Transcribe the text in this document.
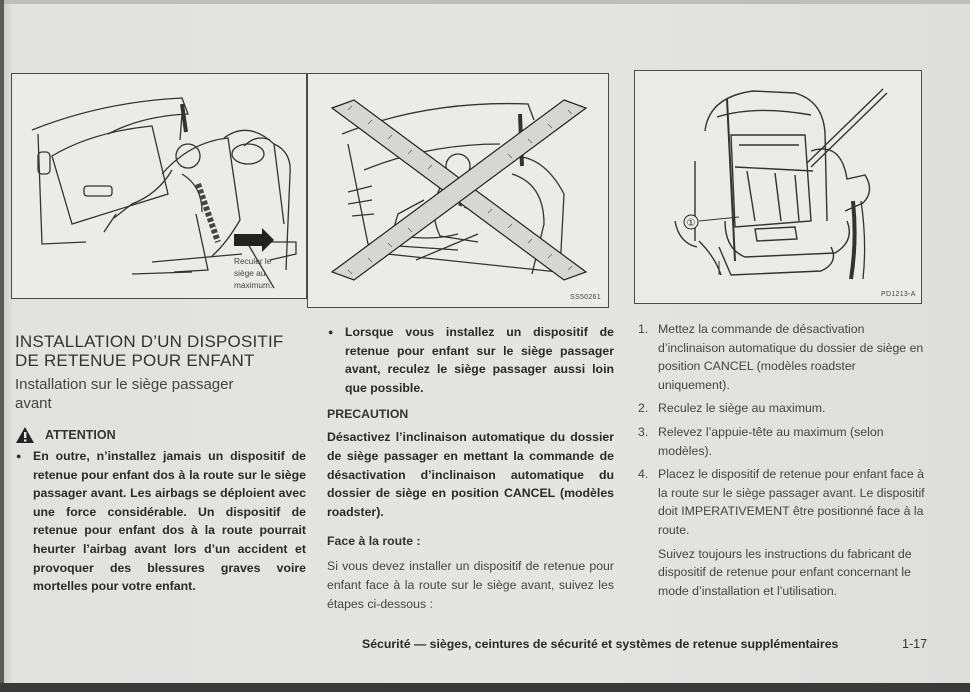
Reculer le
siège au
maximum.
SS50261
①
PD1213-A
INSTALLATION D’UN DISPOSITIF
DE RETENUE POUR ENFANT
Installation sur le siège passager
avant
ATTENTION
● En outre, n’installez jamais un dispositif de retenue pour enfant dos à la route sur le siège passager avant. Les airbags se déploient avec une force considérable. Un dispositif de retenue pour enfant dos à la route pourrait heurter l’airbag avant lors d’un accident et provoquer des blessures graves voire mortelles pour votre enfant.
● Lorsque vous installez un dispositif de retenue pour enfant sur le siège passager avant, reculez le siège passager aussi loin que possible.
PRECAUTION
Désactivez l’inclinaison automatique du dossier de siège passager en mettant la commande de désactivation d’inclinaison automatique du dossier de siège en position CANCEL (modèles roadster).
Face à la route :
Si vous devez installer un dispositif de retenue pour enfant face à la route sur le siège avant, suivez les étapes ci-dessous :
1. Mettez la commande de désactivation d’inclinaison automatique du dossier de siège en position CANCEL (modèles roadster uniquement).
2. Reculez le siège au maximum.
3. Relevez l’appuie-tête au maximum (selon modèles).
4. Placez le dispositif de retenue pour enfant face à la route sur le siège passager avant. Le dispositif doit IMPERATIVEMENT être positionné face à la route.
Suivez toujours les instructions du fabricant de dispositif de retenue pour enfant concernant le mode d’installation et l’utilisation.
Sécurité — sièges, ceintures de sécurité et systèmes de retenue supplémentaires	1-17
